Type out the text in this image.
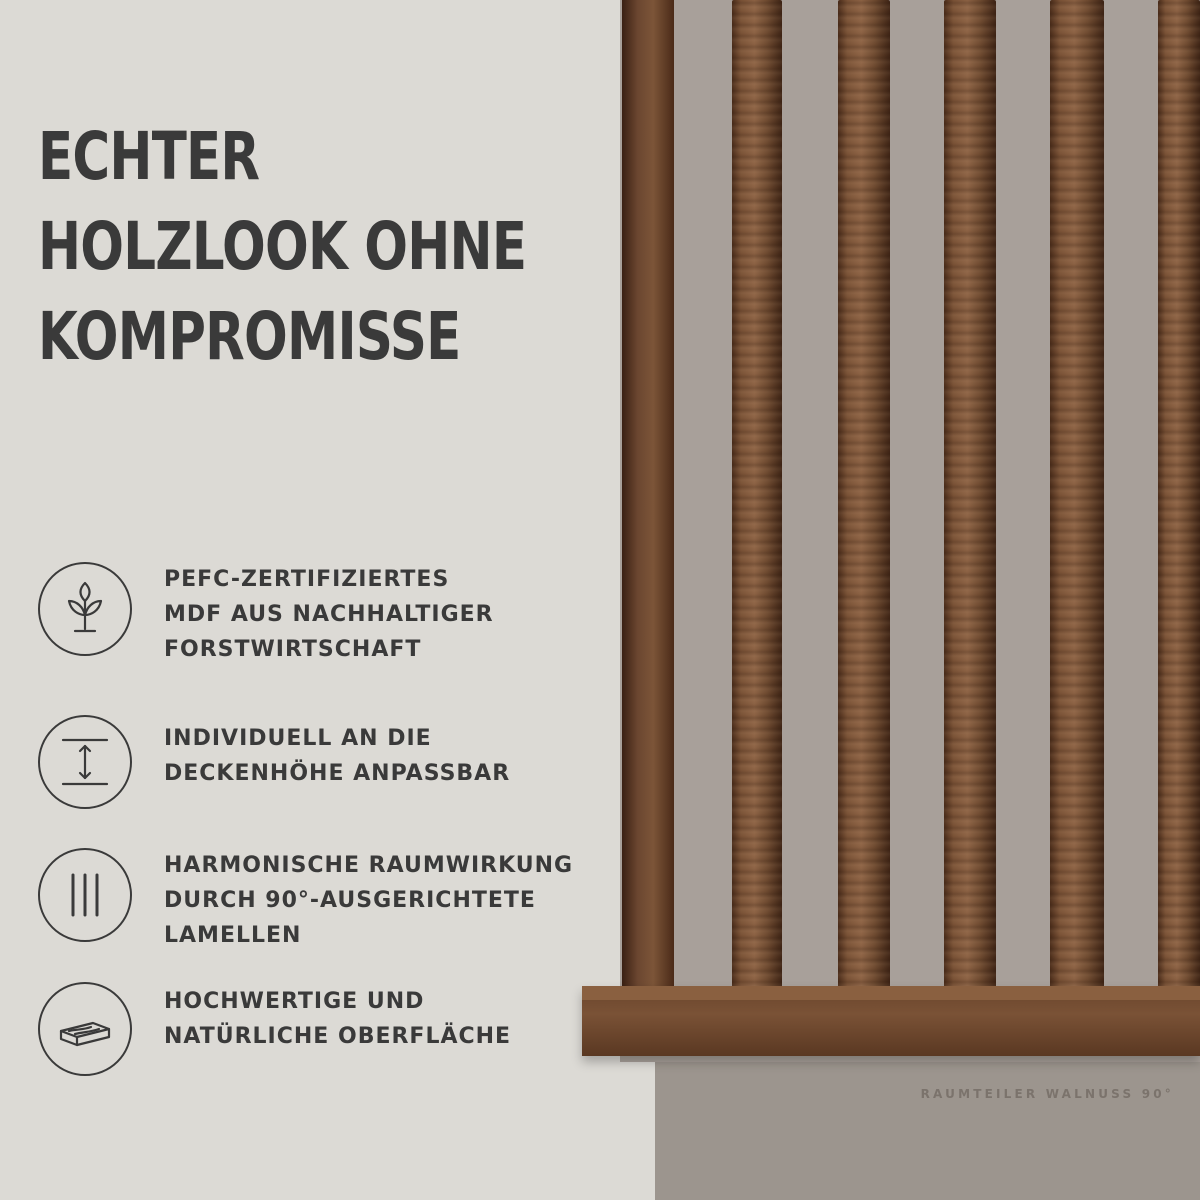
ECHTER
HOLZLOOK OHNE
KOMPROMISSE
PEFC-ZERTIFIZIERTES
MDF AUS NACHHALTIGER
FORSTWIRTSCHAFT
INDIVIDUELL AN DIE
DECKENHÖHE ANPASSBAR
HARMONISCHE RAUMWIRKUNG
DURCH 90°-AUSGERICHTETE
LAMELLEN
HOCHWERTIGE UND
NATÜRLICHE OBERFLÄCHE
RAUMTEILER WALNUSS 90°
